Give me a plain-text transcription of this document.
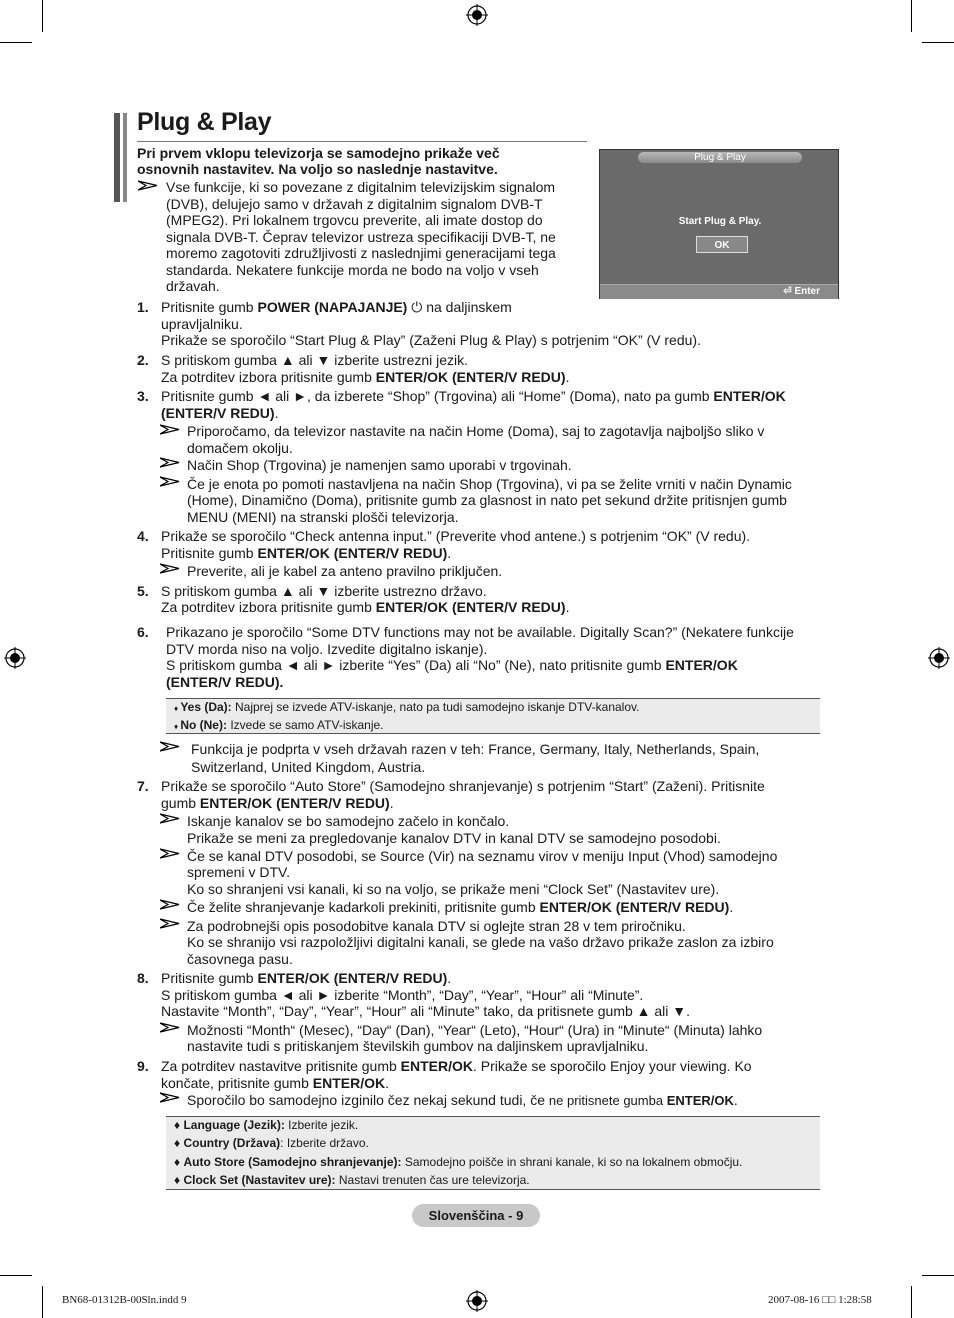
Plug & Play
Pri prvem vklopu televizorja se samodejno prikaže več
osnovnih nastavitev. Na voljo so naslednje nastavitve.
Vse funkcije, ki so povezane z digitalnim televizijskim signalom
(DVB), delujejo samo v državah z digitalnim signalom DVB-T
(MPEG2). Pri lokalnem trgovcu preverite, ali imate dostop do
signala DVB-T. Čeprav televizor ustreza specifikaciji DVB-T, ne
moremo zagotoviti združljivosti z naslednjimi generacijami tega
standarda. Nekatere funkcije morda ne bodo na voljo v vseh
državah.
Plug & Play
Start Plug & Play.
OK
⏎ Enter
1. Pritisnite gumb POWER (NAPAJANJE) ⏻ na daljinskem
upravljalniku.
Prikaže se sporočilo “Start Plug & Play” (Zaženi Plug & Play) s potrjenim “OK” (V redu).
2. S pritiskom gumba ▲ ali ▼ izberite ustrezni jezik.
Za potrditev izbora pritisnite gumb ENTER/OK (ENTER/V REDU).
3. Pritisnite gumb ◄ ali ►, da izberete “Shop” (Trgovina) ali “Home” (Doma), nato pa gumb ENTER/OK
(ENTER/V REDU).
Priporočamo, da televizor nastavite na način Home (Doma), saj to zagotavlja najboljšo sliko v
domačem okolju.
Način Shop (Trgovina) je namenjen samo uporabi v trgovinah.
Če je enota po pomoti nastavljena na način Shop (Trgovina), vi pa se želite vrniti v način Dynamic
(Home), Dinamično (Doma), pritisnite gumb za glasnost in nato pet sekund držite pritisnjen gumb
MENU (MENI) na stranski plošči televizorja.
4. Prikaže se sporočilo “Check antenna input.” (Preverite vhod antene.) s potrjenim “OK” (V redu).
Pritisnite gumb ENTER/OK (ENTER/V REDU).
Preverite, ali je kabel za anteno pravilno priključen.
5. S pritiskom gumba ▲ ali ▼ izberite ustrezno državo.
Za potrditev izbora pritisnite gumb ENTER/OK (ENTER/V REDU).
6. Prikazano je sporočilo “Some DTV functions may not be available. Digitally Scan?” (Nekatere funkcije
DTV morda niso na voljo. Izvedite digitalno iskanje).
S pritiskom gumba ◄ ali ► izberite “Yes” (Da) ali “No” (Ne), nato pritisnite gumb ENTER/OK
(ENTER/V REDU).
♦ Yes (Da): Najprej se izvede ATV-iskanje, nato pa tudi samodejno iskanje DTV-kanalov.
♦ No (Ne): Izvede se samo ATV-iskanje.
Funkcija je podprta v vseh državah razen v teh: France, Germany, Italy, Netherlands, Spain,
Switzerland, United Kingdom, Austria.
7. Prikaže se sporočilo “Auto Store” (Samodejno shranjevanje) s potrjenim “Start” (Zaženi). Pritisnite
gumb ENTER/OK (ENTER/V REDU).
Iskanje kanalov se bo samodejno začelo in končalo.
Prikaže se meni za pregledovanje kanalov DTV in kanal DTV se samodejno posodobi.
Če se kanal DTV posodobi, se Source (Vir) na seznamu virov v meniju Input (Vhod) samodejno
spremeni v DTV.
Ko so shranjeni vsi kanali, ki so na voljo, se prikaže meni “Clock Set” (Nastavitev ure).
Če želite shranjevanje kadarkoli prekiniti, pritisnite gumb ENTER/OK (ENTER/V REDU).
Za podrobnejši opis posodobitve kanala DTV si oglejte stran 28 v tem priročniku.
Ko se shranijo vsi razpoložljivi digitalni kanali, se glede na vašo državo prikaže zaslon za izbiro
časovnega pasu.
8. Pritisnite gumb ENTER/OK (ENTER/V REDU).
S pritiskom gumba ◄ ali ► izberite “Month”, “Day”, “Year”, “Hour” ali “Minute”.
Nastavite “Month”, “Day”, “Year”, “Hour” ali “Minute” tako, da pritisnete gumb ▲ ali ▼.
Možnosti “Month“ (Mesec), “Day“ (Dan), “Year“ (Leto), “Hour“ (Ura) in “Minute“ (Minuta) lahko
nastavite tudi s pritiskanjem številskih gumbov na daljinskem upravljalniku.
9. Za potrditev nastavitve pritisnite gumb ENTER/OK. Prikaže se sporočilo Enjoy your viewing. Ko
končate, pritisnite gumb ENTER/OK.
Sporočilo bo samodejno izginilo čez nekaj sekund tudi, če ne pritisnete gumba ENTER/OK.
♦ Language (Jezik): Izberite jezik.
♦ Country (Država): Izberite državo.
♦ Auto Store (Samodejno shranjevanje): Samodejno poišče in shrani kanale, ki so na lokalnem območju.
♦ Clock Set (Nastavitev ure): Nastavi trenuten čas ure televizorja.
Slovenščina - 9
BN68-01312B-00Sln.indd 9	2007-08-16 □□ 1:28:58
